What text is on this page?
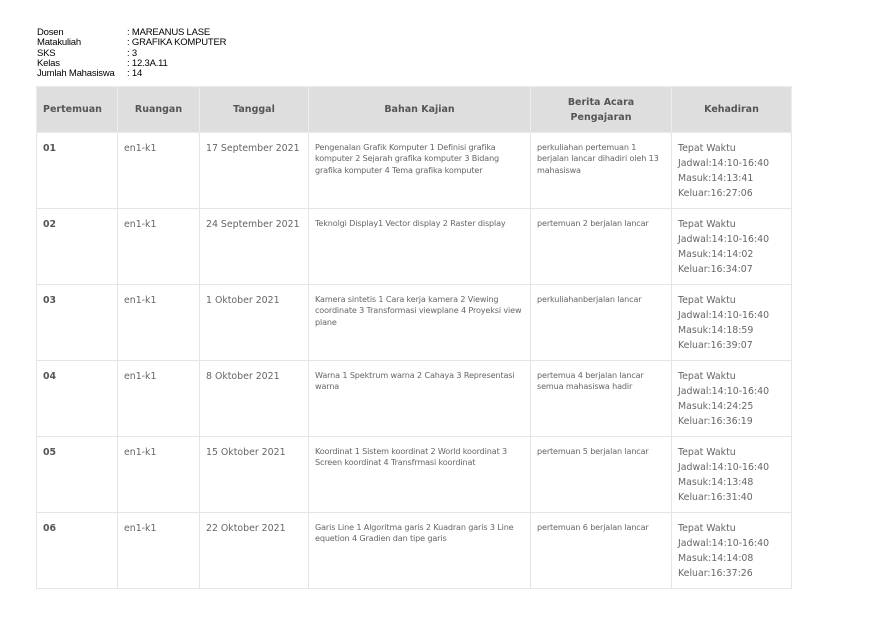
Dosen	: MAREANUS LASE
Matakuliah	: GRAFIKA KOMPUTER
SKS	: 3
Kelas	: 12.3A.11
Jumlah Mahasiswa	: 14
Pertemuan	Ruangan	Tanggal	Bahan Kajian	Berita Acara Pengajaran	Kehadiran
01	en1-k1	17 September 2021	Pengenalan Grafik Komputer 1 Definisi grafika komputer 2 Sejarah grafika komputer 3 Bidang grafika komputer 4 Tema grafika komputer	perkuliahan pertemuan 1 berjalan lancar dihadiri oleh 13 mahasiswa	Tepat Waktu
Jadwal:14:10-16:40
Masuk:14:13:41
Keluar:16:27:06

02	en1-k1	24 September 2021	Teknolgi Display1 Vector display 2 Raster display	pertemuan 2 berjalan lancar	Tepat Waktu
Jadwal:14:10-16:40
Masuk:14:14:02
Keluar:16:34:07

03	en1-k1	1 Oktober 2021	Kamera sintetis 1 Cara kerja kamera 2 Viewing coordinate 3 Transformasi viewplane 4 Proyeksi view plane	perkuliahanberjalan lancar	Tepat Waktu
Jadwal:14:10-16:40
Masuk:14:18:59
Keluar:16:39:07

04	en1-k1	8 Oktober 2021	Warna 1 Spektrum warna 2 Cahaya 3 Representasi warna	pertemua 4 berjalan lancar semua mahasiswa hadir	Tepat Waktu
Jadwal:14:10-16:40
Masuk:14:24:25
Keluar:16:36:19

05	en1-k1	15 Oktober 2021	Koordinat 1 Sistem koordinat 2 World koordinat 3 Screen koordinat 4 Transfrmasi koordinat	pertemuan 5 berjalan lancar	Tepat Waktu
Jadwal:14:10-16:40
Masuk:14:13:48
Keluar:16:31:40

06	en1-k1	22 Oktober 2021	Garis Line 1 Algoritma garis 2 Kuadran garis 3 Line equetion 4 Gradien dan tipe garis	pertemuan 6 berjalan lancar	Tepat Waktu
Jadwal:14:10-16:40
Masuk:14:14:08
Keluar:16:37:26
